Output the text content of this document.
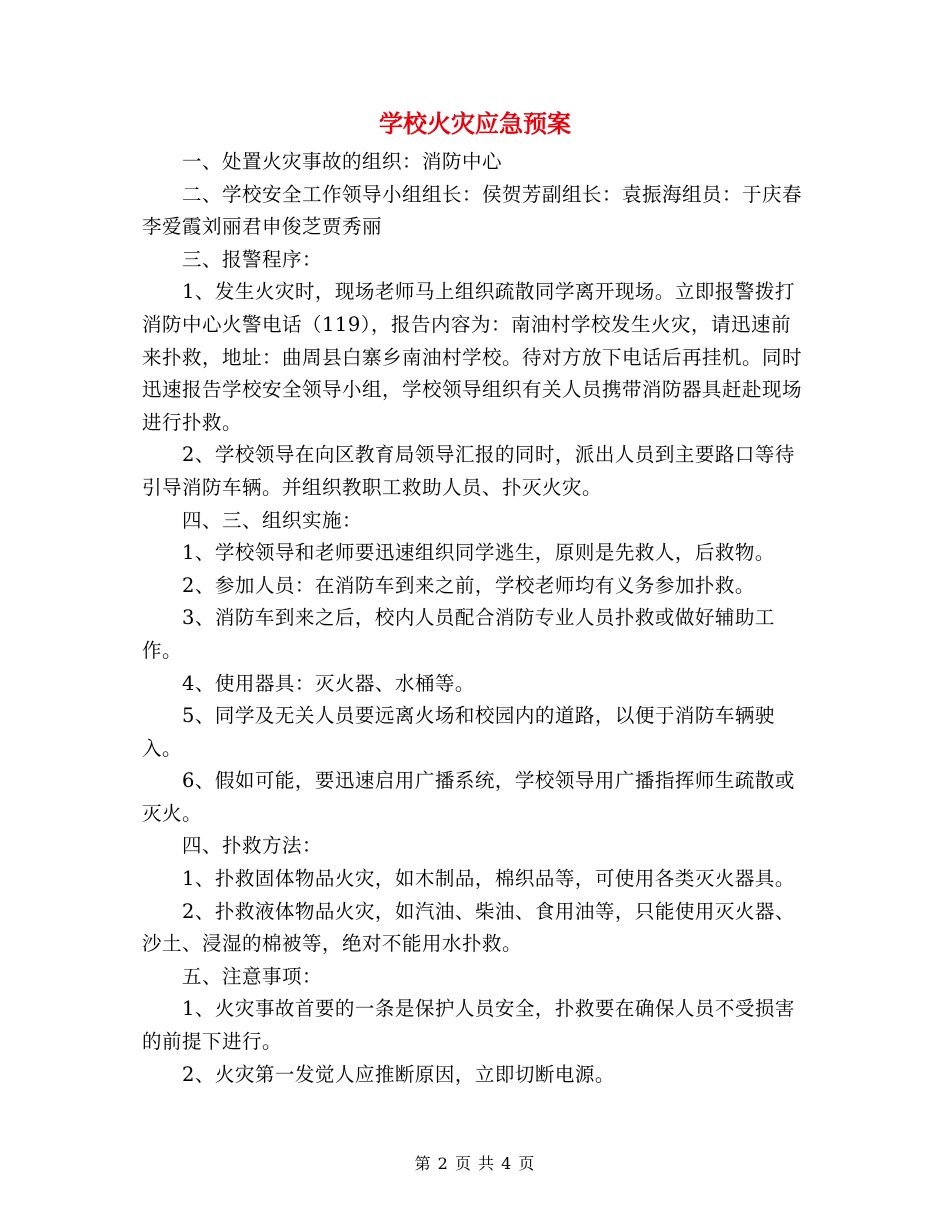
学校火灾应急预案

一、处置火灾事故的组织：消防中心

二、学校安全工作领导小组组长：侯贺芳副组长：袁振海组员：于庆春李爱霞刘丽君申俊芝贾秀丽

三、报警程序：

1、发生火灾时，现场老师马上组织疏散同学离开现场。立即报警拨打消防中心火警电话（119），报告内容为：南油村学校发生火灾，请迅速前来扑救，地址：曲周县白寨乡南油村学校。待对方放下电话后再挂机。同时迅速报告学校安全领导小组，学校领导组织有关人员携带消防器具赶赴现场进行扑救。

2、学校领导在向区教育局领导汇报的同时，派出人员到主要路口等待引导消防车辆。并组织教职工救助人员、扑灭火灾。

四、三、组织实施：

1、学校领导和老师要迅速组织同学逃生，原则是先救人，后救物。

2、参加人员：在消防车到来之前，学校老师均有义务参加扑救。

3、消防车到来之后，校内人员配合消防专业人员扑救或做好辅助工作。

4、使用器具：灭火器、水桶等。

5、同学及无关人员要远离火场和校园内的道路，以便于消防车辆驶入。

6、假如可能，要迅速启用广播系统，学校领导用广播指挥师生疏散或灭火。

四、扑救方法：

1、扑救固体物品火灾，如木制品，棉织品等，可使用各类灭火器具。

2、扑救液体物品火灾，如汽油、柴油、食用油等，只能使用灭火器、沙土、浸湿的棉被等，绝对不能用水扑救。

五、注意事项：

1、火灾事故首要的一条是保护人员安全，扑救要在确保人员不受损害的前提下进行。

2、火灾第一发觉人应推断原因，立即切断电源。

第 2 页 共 4 页
